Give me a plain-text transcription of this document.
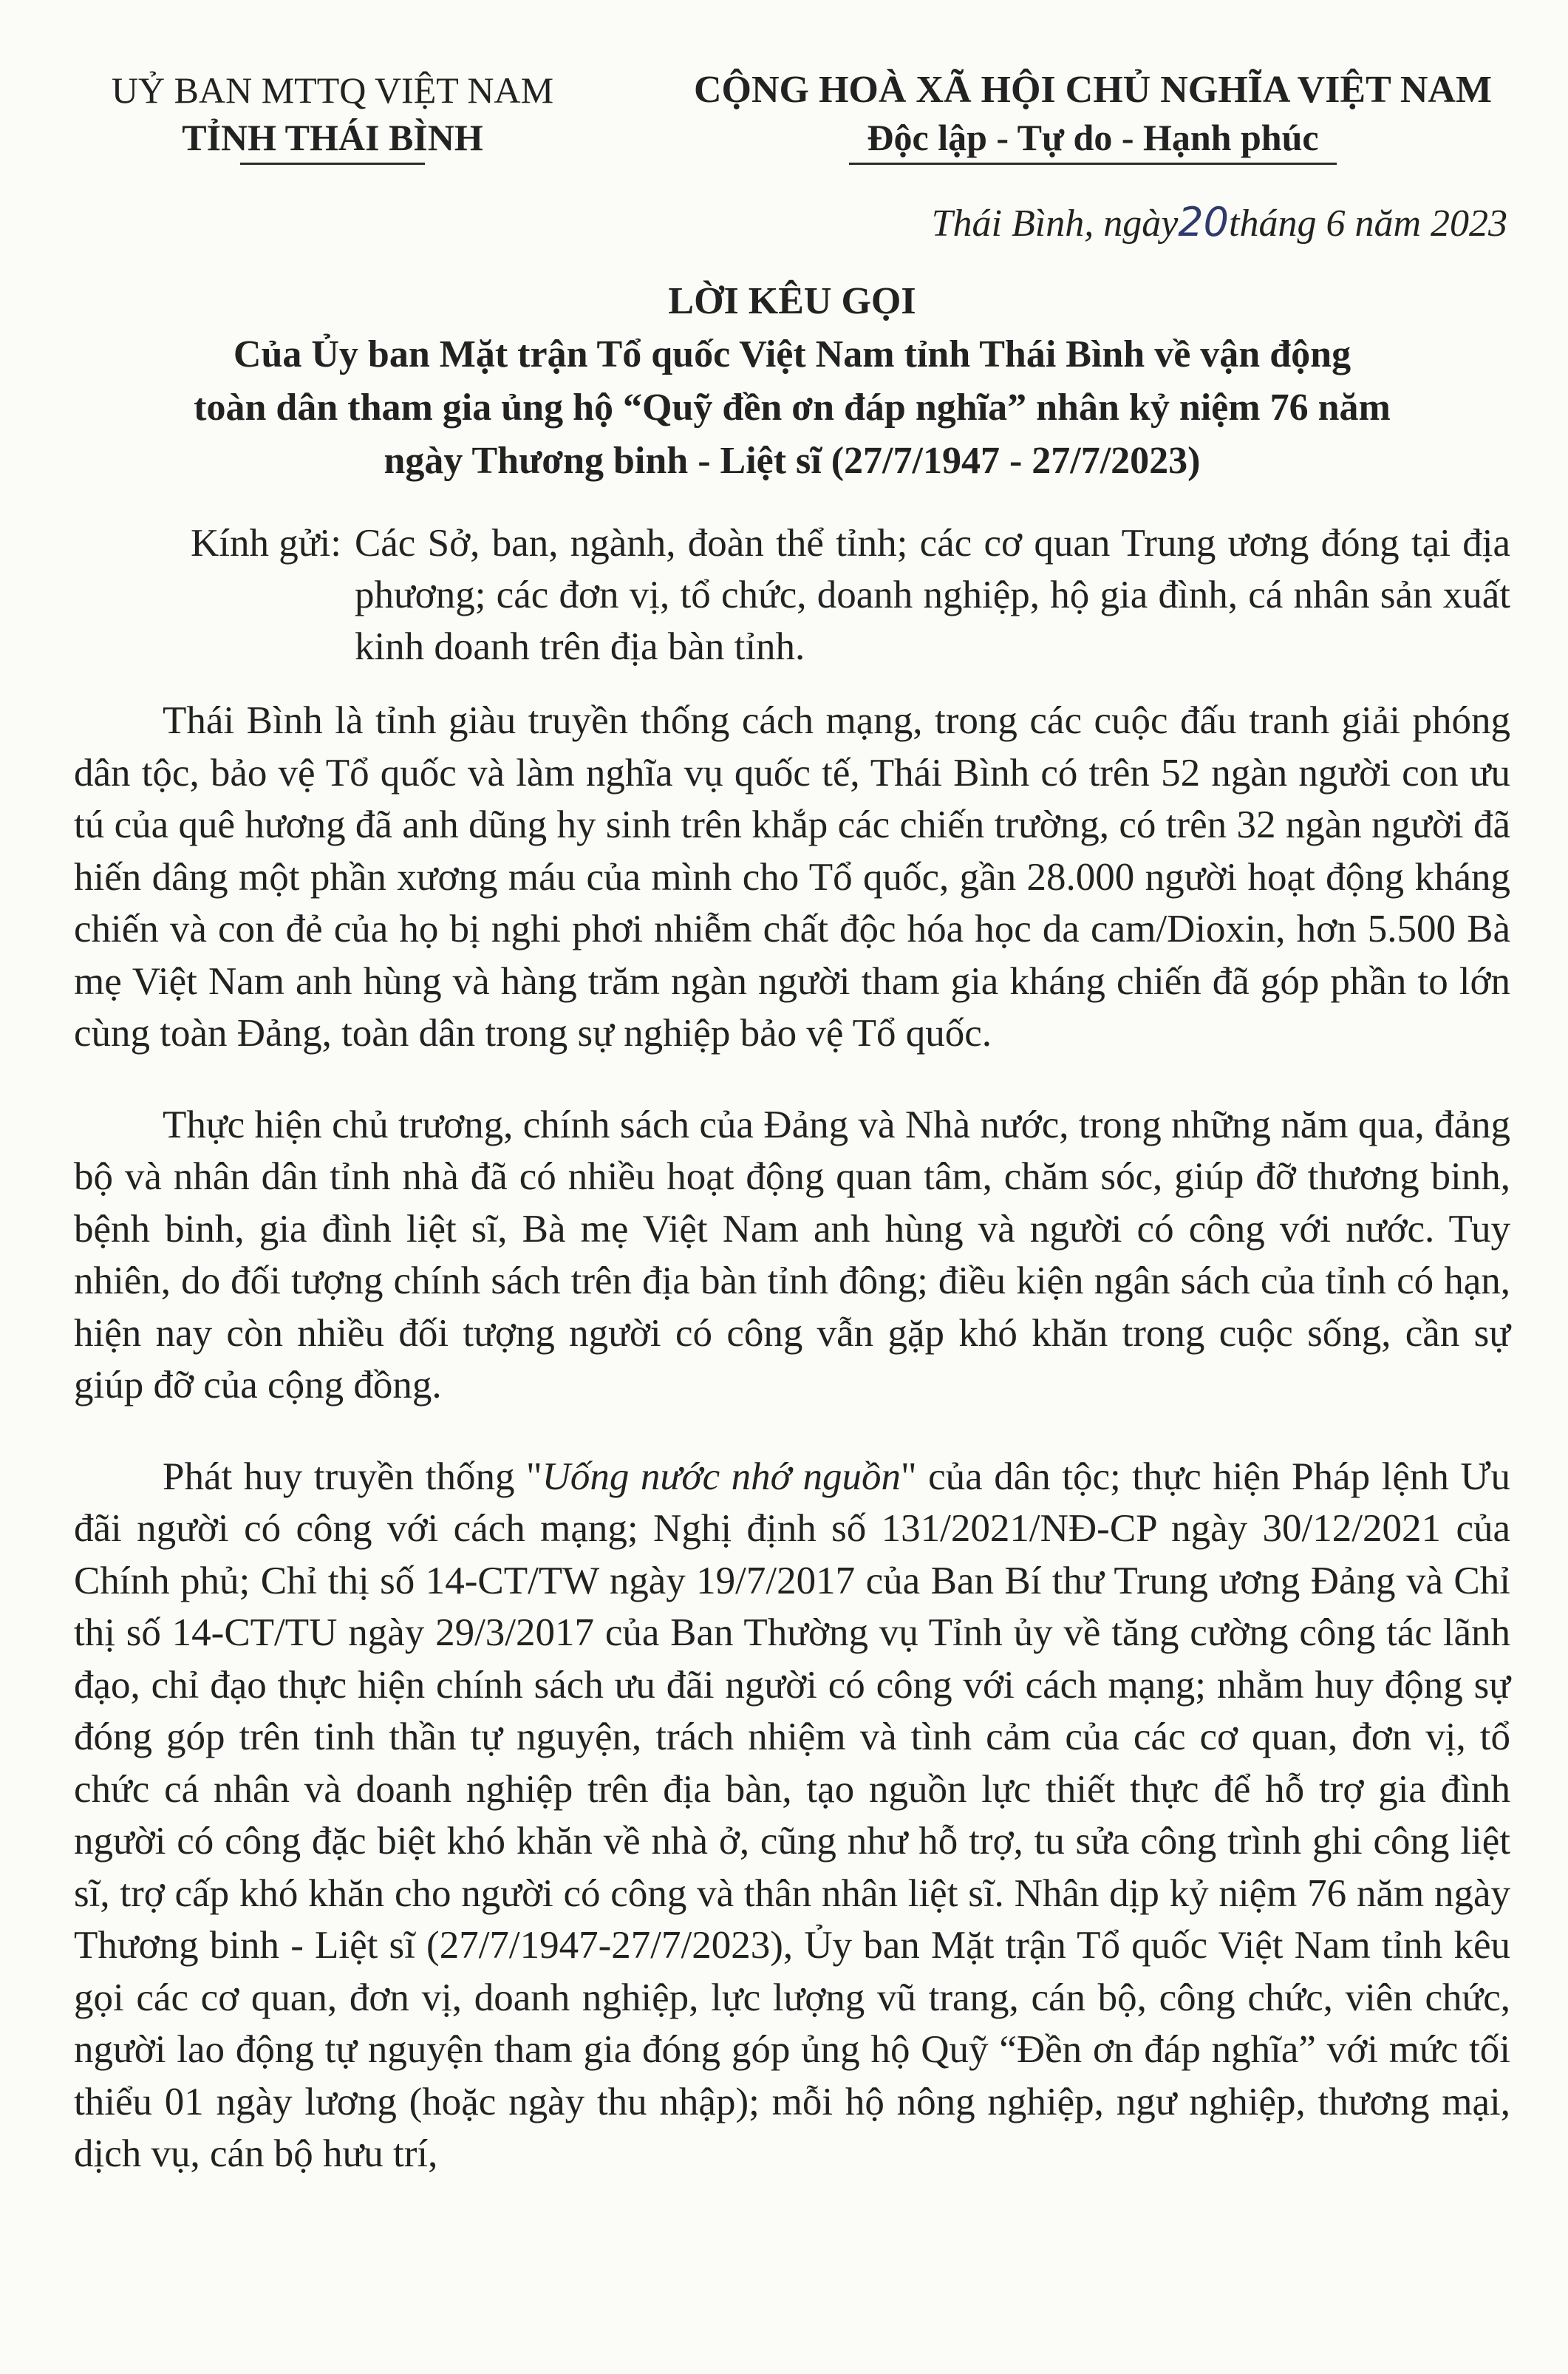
UỶ BAN MTTQ VIỆT NAM
TỈNH THÁI BÌNH
CỘNG HOÀ XÃ HỘI CHỦ NGHĨA VIỆT NAM
Độc lập - Tự do - Hạnh phúc
Thái Bình, ngày20tháng 6 năm 2023
LỜI KÊU GỌI
Của Ủy ban Mặt trận Tổ quốc Việt Nam tỉnh Thái Bình về vận động
toàn dân tham gia ủng hộ “Quỹ đền ơn đáp nghĩa” nhân kỷ niệm 76 năm
ngày Thương binh - Liệt sĩ (27/7/1947 - 27/7/2023)
Kính gửi: Các Sở, ban, ngành, đoàn thể tỉnh; các cơ quan Trung ương đóng tại địa phương; các đơn vị, tổ chức, doanh nghiệp, hộ gia đình, cá nhân sản xuất kinh doanh trên địa bàn tỉnh.

Thái Bình là tỉnh giàu truyền thống cách mạng, trong các cuộc đấu tranh giải phóng dân tộc, bảo vệ Tổ quốc và làm nghĩa vụ quốc tế, Thái Bình có trên 52 ngàn người con ưu tú của quê hương đã anh dũng hy sinh trên khắp các chiến trường, có trên 32 ngàn người đã hiến dâng một phần xương máu của mình cho Tổ quốc, gần 28.000 người hoạt động kháng chiến và con đẻ của họ bị nghi phơi nhiễm chất độc hóa học da cam/Dioxin, hơn 5.500 Bà mẹ Việt Nam anh hùng và hàng trăm ngàn người tham gia kháng chiến đã góp phần to lớn cùng toàn Đảng, toàn dân trong sự nghiệp bảo vệ Tổ quốc.

Thực hiện chủ trương, chính sách của Đảng và Nhà nước, trong những năm qua, đảng bộ và nhân dân tỉnh nhà đã có nhiều hoạt động quan tâm, chăm sóc, giúp đỡ thương binh, bệnh binh, gia đình liệt sĩ, Bà mẹ Việt Nam anh hùng và người có công với nước. Tuy nhiên, do đối tượng chính sách trên địa bàn tỉnh đông; điều kiện ngân sách của tỉnh có hạn, hiện nay còn nhiều đối tượng người có công vẫn gặp khó khăn trong cuộc sống, cần sự giúp đỡ của cộng đồng.

Phát huy truyền thống "Uống nước nhớ nguồn" của dân tộc; thực hiện Pháp lệnh Ưu đãi người có công với cách mạng; Nghị định số 131/2021/NĐ-CP ngày 30/12/2021 của Chính phủ; Chỉ thị số 14-CT/TW ngày 19/7/2017 của Ban Bí thư Trung ương Đảng và Chỉ thị số 14-CT/TU ngày 29/3/2017 của Ban Thường vụ Tỉnh ủy về tăng cường công tác lãnh đạo, chỉ đạo thực hiện chính sách ưu đãi người có công với cách mạng; nhằm huy động sự đóng góp trên tinh thần tự nguyện, trách nhiệm và tình cảm của các cơ quan, đơn vị, tổ chức cá nhân và doanh nghiệp trên địa bàn, tạo nguồn lực thiết thực để hỗ trợ gia đình người có công đặc biệt khó khăn về nhà ở, cũng như hỗ trợ, tu sửa công trình ghi công liệt sĩ, trợ cấp khó khăn cho người có công và thân nhân liệt sĩ. Nhân dịp kỷ niệm 76 năm ngày Thương binh - Liệt sĩ (27/7/1947-27/7/2023), Ủy ban Mặt trận Tổ quốc Việt Nam tỉnh kêu gọi các cơ quan, đơn vị, doanh nghiệp, lực lượng vũ trang, cán bộ, công chức, viên chức, người lao động tự nguyện tham gia đóng góp ủng hộ Quỹ “Đền ơn đáp nghĩa” với mức tối thiểu 01 ngày lương (hoặc ngày thu nhập); mỗi hộ nông nghiệp, ngư nghiệp, thương mại, dịch vụ, cán bộ hưu trí,
